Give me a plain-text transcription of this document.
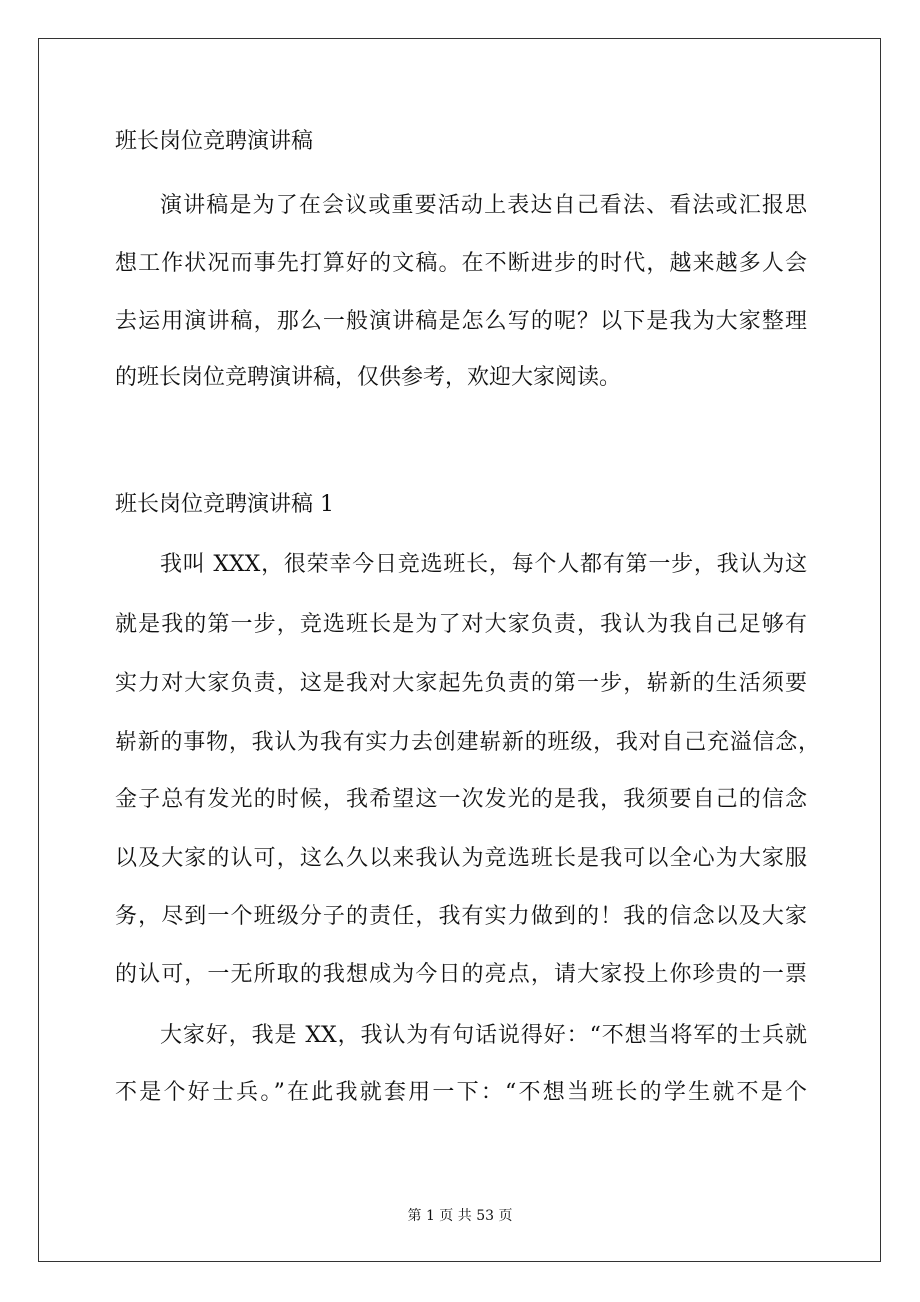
班长岗位竞聘演讲稿
演讲稿是为了在会议或重要活动上表达自己看法、看法或汇报思
想工作状况而事先打算好的文稿。在不断进步的时代，越来越多人会
去运用演讲稿，那么一般演讲稿是怎么写的呢？以下是我为大家整理
的班长岗位竞聘演讲稿，仅供参考，欢迎大家阅读。
班长岗位竞聘演讲稿 1
我叫 XXX，很荣幸今日竞选班长，每个人都有第一步，我认为这
就是我的第一步，竞选班长是为了对大家负责，我认为我自己足够有
实力对大家负责，这是我对大家起先负责的第一步，崭新的生活须要
崭新的事物，我认为我有实力去创建崭新的班级，我对自己充溢信念，
金子总有发光的时候，我希望这一次发光的是我，我须要自己的信念
以及大家的认可，这么久以来我认为竞选班长是我可以全心为大家服
务，尽到一个班级分子的责任，我有实力做到的！我的信念以及大家
的认可，一无所取的我想成为今日的亮点，请大家投上你珍贵的一票
大家好，我是 XX，我认为有句话说得好：“不想当将军的士兵就
不是个好士兵。”在此我就套用一下：“不想当班长的学生就不是个
第 1 页 共 53 页
